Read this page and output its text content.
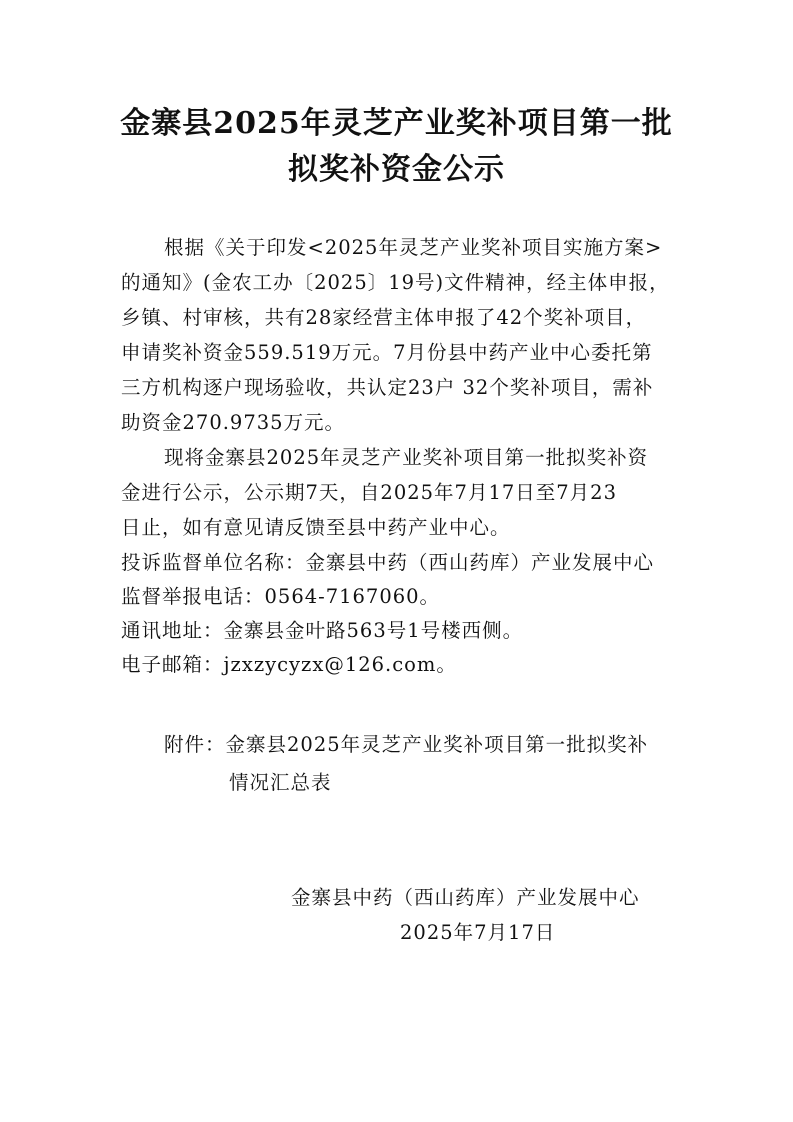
金寨县2025年灵芝产业奖补项目第一批
拟奖补资金公示
根据《关于印发<2025年灵芝产业奖补项目实施方案>
的通知》(金农工办〔2025〕19号)文件精神，经主体申报，
乡镇、村审核，共有28家经营主体申报了42个奖补项目，
申请奖补资金559.519万元。7月份县中药产业中心委托第
三方机构逐户现场验收，共认定23户 32个奖补项目，需补
助资金270.9735万元。
现将金寨县2025年灵芝产业奖补项目第一批拟奖补资
金进行公示，公示期7天，自2025年7月17日至7月23
日止，如有意见请反馈至县中药产业中心。
投诉监督单位名称：金寨县中药（西山药库）产业发展中心
监督举报电话：0564-7167060。
通讯地址：金寨县金叶路563号1号楼西侧。
电子邮箱：jzxzycyzx@126.com。
附件：金寨县2025年灵芝产业奖补项目第一批拟奖补
情况汇总表
金寨县中药（西山药库）产业发展中心
2025年7月17日
